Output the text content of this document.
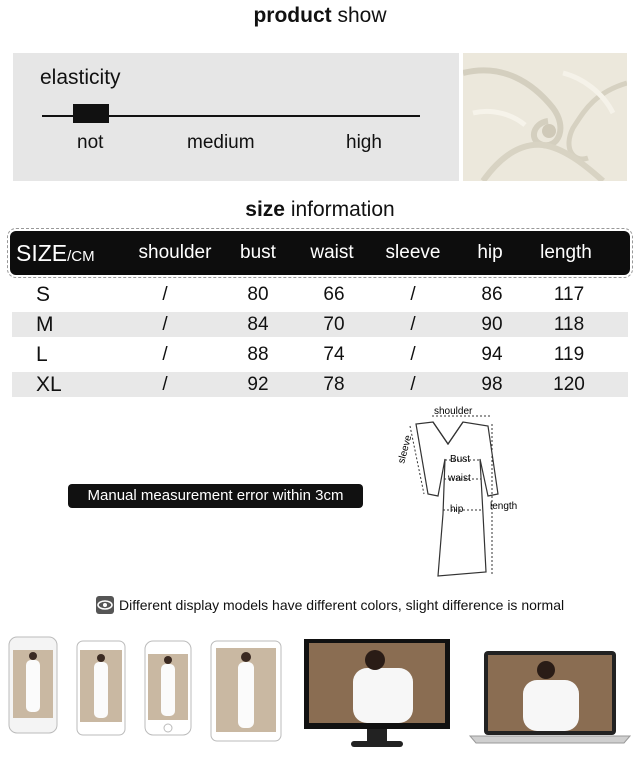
product show
elasticity
not	medium	high
size information
SIZE/CM	shoulder	bust	waist	sleeve	hip	length
S	/	80	66	/	86	117
M	/	84	70	/	90	118
L	/	88	74	/	94	119
XL	/	92	78	/	98	120
Manual measurement error within 3cm
shoulder
sleeve	Bust
waist
hip	length
Different display models have different colors, slight difference is normal
